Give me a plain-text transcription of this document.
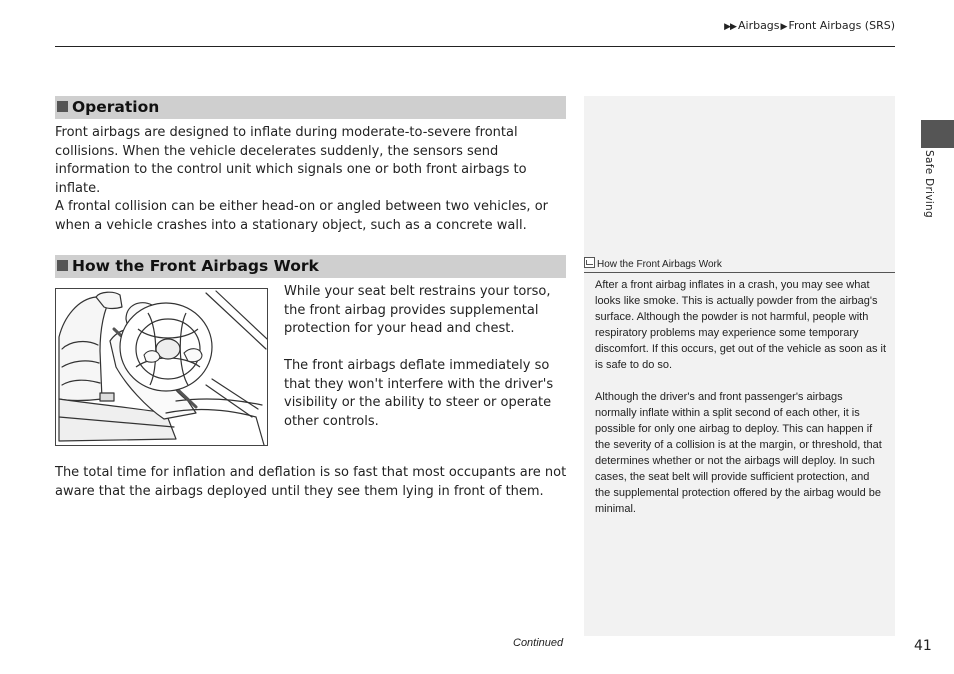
▶▶ Airbags▶Front Airbags (SRS)
Safe Driving
How the Front Airbags Work
After a front airbag inflates in a crash, you may see what looks like smoke. This is actually powder from the airbag's surface. Although the powder is not harmful, people with respiratory problems may experience some temporary discomfort. If this occurs, get out of the vehicle as soon as it is safe to do so.
Although the driver's and front passenger's airbags normally inflate within a split second of each other, it is possible for only one airbag to deploy. This can happen if the severity of a collision is at the margin, or threshold, that determines whether or not the airbags will deploy. In such cases, the seat belt will provide sufficient protection, and the supplemental protection offered by the airbag would be minimal.
Operation
Front airbags are designed to inflate during moderate-to-severe frontal collisions. When the vehicle decelerates suddenly, the sensors send information to the control unit which signals one or both front airbags to inflate.
A frontal collision can be either head-on or angled between two vehicles, or when a vehicle crashes into a stationary object, such as a concrete wall.
How the Front Airbags Work
While your seat belt restrains your torso, the front airbag provides supplemental protection for your head and chest.
The front airbags deflate immediately so that they won't interfere with the driver's visibility or the ability to steer or operate other controls.
The total time for inflation and deflation is so fast that most occupants are not aware that the airbags deployed until they see them lying in front of them.
Continued	41
